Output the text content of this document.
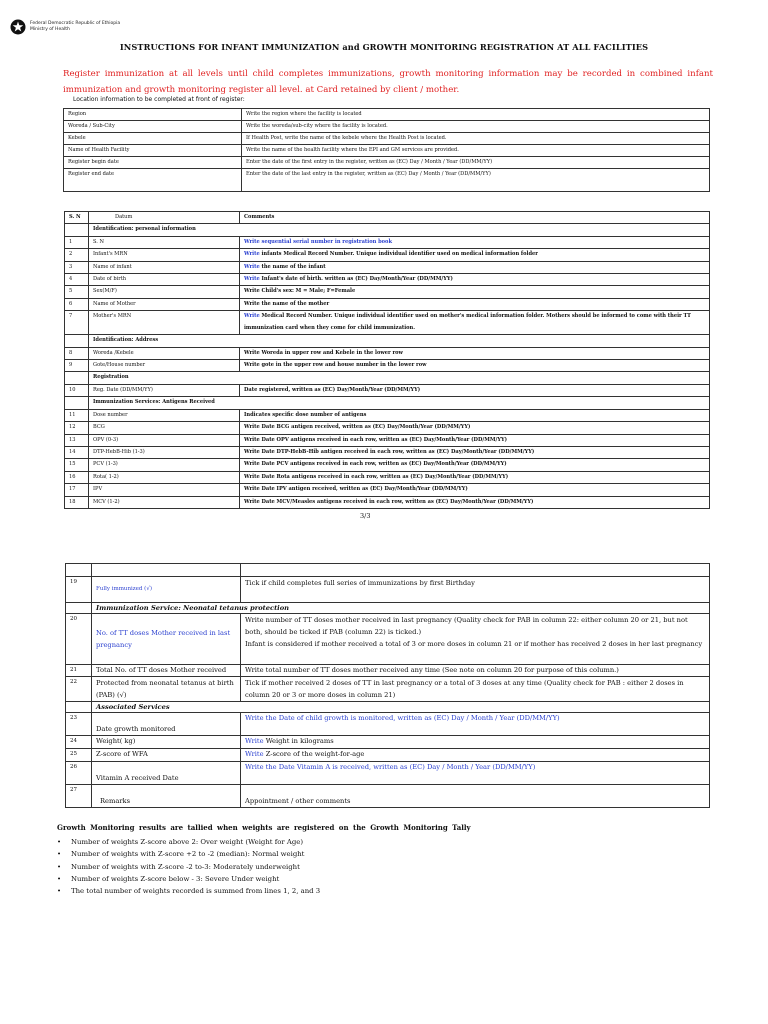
Federal Democratic Republic of Ethiopia
Ministry of Health
INSTRUCTIONS FOR INFANT IMMUNIZATION and GROWTH MONITORING REGISTRATION AT ALL FACILITIES
Register immunization at all levels until child completes immunizations, growth monitoring information may be recorded in combined infant immunization and growth monitoring register all level. at Card retained by client / mother.
Location information to be completed at front of register:
Region	Write the region where the facility is located
Woreda / Sub-City	Write the woreda/sub-city where the facility is located.
Kebele	If Health Post, write the name of the kebele where the Health Post is located.
Name of Health Facility	Write the name of the health facility where the EPI and GM services are provided.
Register begin date	Enter the date of the first entry in the register, written as (EC) Day / Month / Year (DD/MM/YY)
Register end date	Enter the date of the last entry in the register, written as (EC) Day / Month / Year (DD/MM/YY)
S. N	Datum	Comments
	Identification: personal information	
1	S. N	Write sequential serial number in registration book
2	Infant's MRN	Write infants Medical Record Number. Unique individual identifier used on medical information folder
3	Name of infant	Write the name of the infant
4	Date of birth	Write Infant's date of birth. written as (EC) Day/Month/Year (DD/MM/YY)
5	Sex(M/F)	Write Child's sex: M = Male; F=Female
6	Name of Mother	Write the name of the mother
7	Mother's MRN	Write Medical Record Number. Unique individual identifier used on mother's medical information folder. Mothers should be informed to come with their TT immunization card when they come for child immunization.
	Identification: Address	
8	Woreda /Kebele	Write Woreda in upper row and Kebele in the lower row
9	Gote/House number	Write gote in the upper row and house number in the lower row
	Registration	
10	Reg. Date (DD/MM/YY)	Date registered, written as (EC) Day/Month/Year (DD/MM/YY)
	Immunization Services: Antigens Received	
11	Dose number	Indicates specific dose number of antigens
12	BCG	Write Date BCG antigen received, written as (EC) Day/Month/Year (DD/MM/YY)
13	OPV (0-3)	Write Date OPV antigens received in each row, written as (EC) Day/Month/Year (DD/MM/YY)
14	DTP-HebB-Hib (1-3)	Write Date DTP-HebB-Hib antigen received in each row, written as (EC) Day/Month/Year (DD/MM/YY)
15	PCV (1-3)	Write Date PCV antigens received in each row, written as (EC) Day/Month/Year (DD/MM/YY)
16	Rota( 1-2)	Write Date Rota antigens received in each row, written as (EC) Day/Month/Year (DD/MM/YY)
17	IPV	Write Date IPV antigen received, written as (EC) Day/Month/Year (DD/MM/YY)
18	MCV (1-2)	Write Date MCV/Measles antigens received in each row, written as (EC) Day/Month/Year (DD/MM/YY)
3/3

19	Fully immunized (√)	Tick if child completes full series of immunizations by first Birthday
	Immunization Service: Neonatal tetanus protection	
20	No. of TT doses Mother received in last pregnancy	Write number of TT doses mother received in last pregnancy (Quality check for PAB in column 22: either column 20 or 21, but not both, should be ticked if PAB (column 22) is ticked.)
Infant is considered if mother received a total of 3 or more doses in column 21 or if mother has received 2 doses in her last pregnancy

21	Total No. of TT doses Mother received	Write total number of TT doses mother received any time (See note on column 20 for purpose of this column.)
22	Protected from neonatal tetanus at birth (PAB) (√)	Tick if mother received 2 doses of TT in last pregnancy or a total of 3 doses at any time (Quality check for PAB : either 2 doses in column 20 or 3 or more doses in column 21)
	Associated Services	
23	Date growth monitored	Write the Date of child growth is monitored, written as (EC) Day / Month / Year (DD/MM/YY)
24	Weight( kg)	Write Weight in kilograms
25	Z-score of WFA	Write Z-score of the weight-for-age
26	Vitamin A received Date	Write the Date Vitamin A is received, written as (EC) Day / Month / Year (DD/MM/YY)
27	Remarks	Appointment / other comments
Growth Monitoring results are tallied when weights are registered on the Growth Monitoring Tally
• Number of weights Z-score above 2: Over weight (Weight for Age)
• Number of weights with Z-score +2 to -2 (median): Normal weight
• Number of weights with Z-score -2 to-3: Moderately underweight
• Number of weights Z-score below - 3: Severe Under weight
• The total number of weights recorded is summed from lines 1, 2, and 3
